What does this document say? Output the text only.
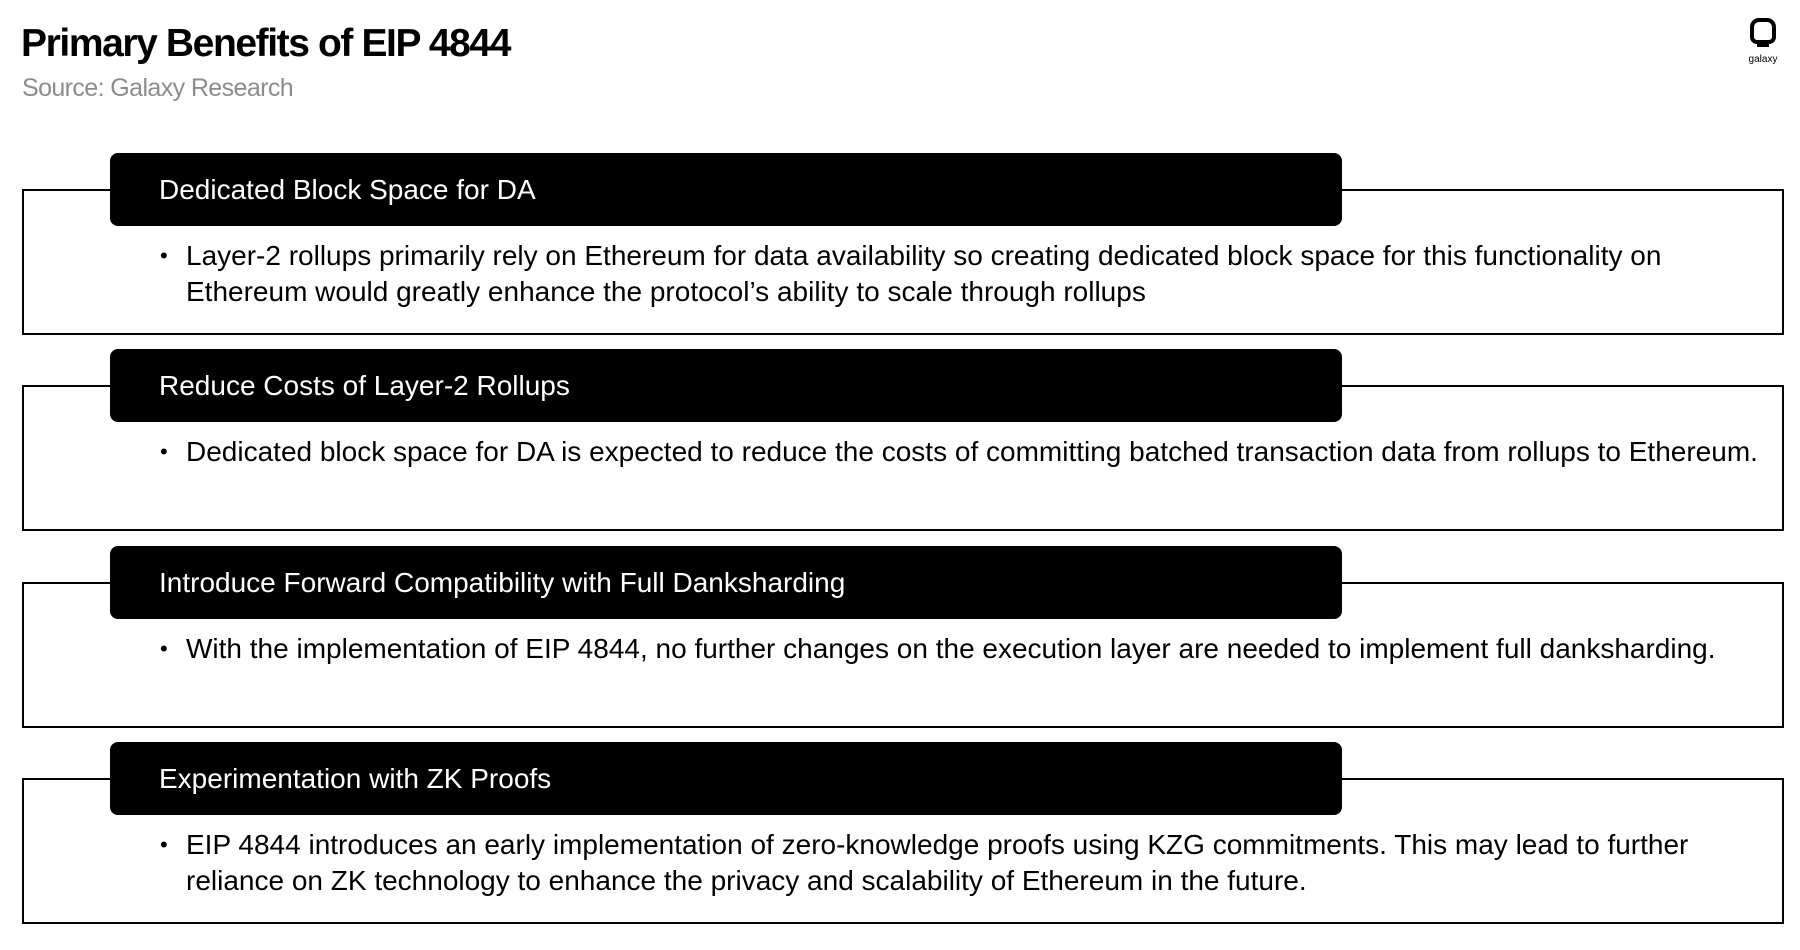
Primary Benefits of EIP 4844
Source: Galaxy Research
galaxy
Dedicated Block Space for DA
• Layer-2 rollups primarily rely on Ethereum for data availability so creating dedicated block space for this functionality on Ethereum would greatly enhance the protocol’s ability to scale through rollups
Reduce Costs of Layer-2 Rollups
• Dedicated block space for DA is expected to reduce the costs of committing batched transaction data from rollups to Ethereum.
Introduce Forward Compatibility with Full Danksharding
• With the implementation of EIP 4844, no further changes on the execution layer are needed to implement full danksharding.
Experimentation with ZK Proofs
• EIP 4844 introduces an early implementation of zero-knowledge proofs using KZG commitments. This may lead to further reliance on ZK technology to enhance the privacy and scalability of Ethereum in the future.
